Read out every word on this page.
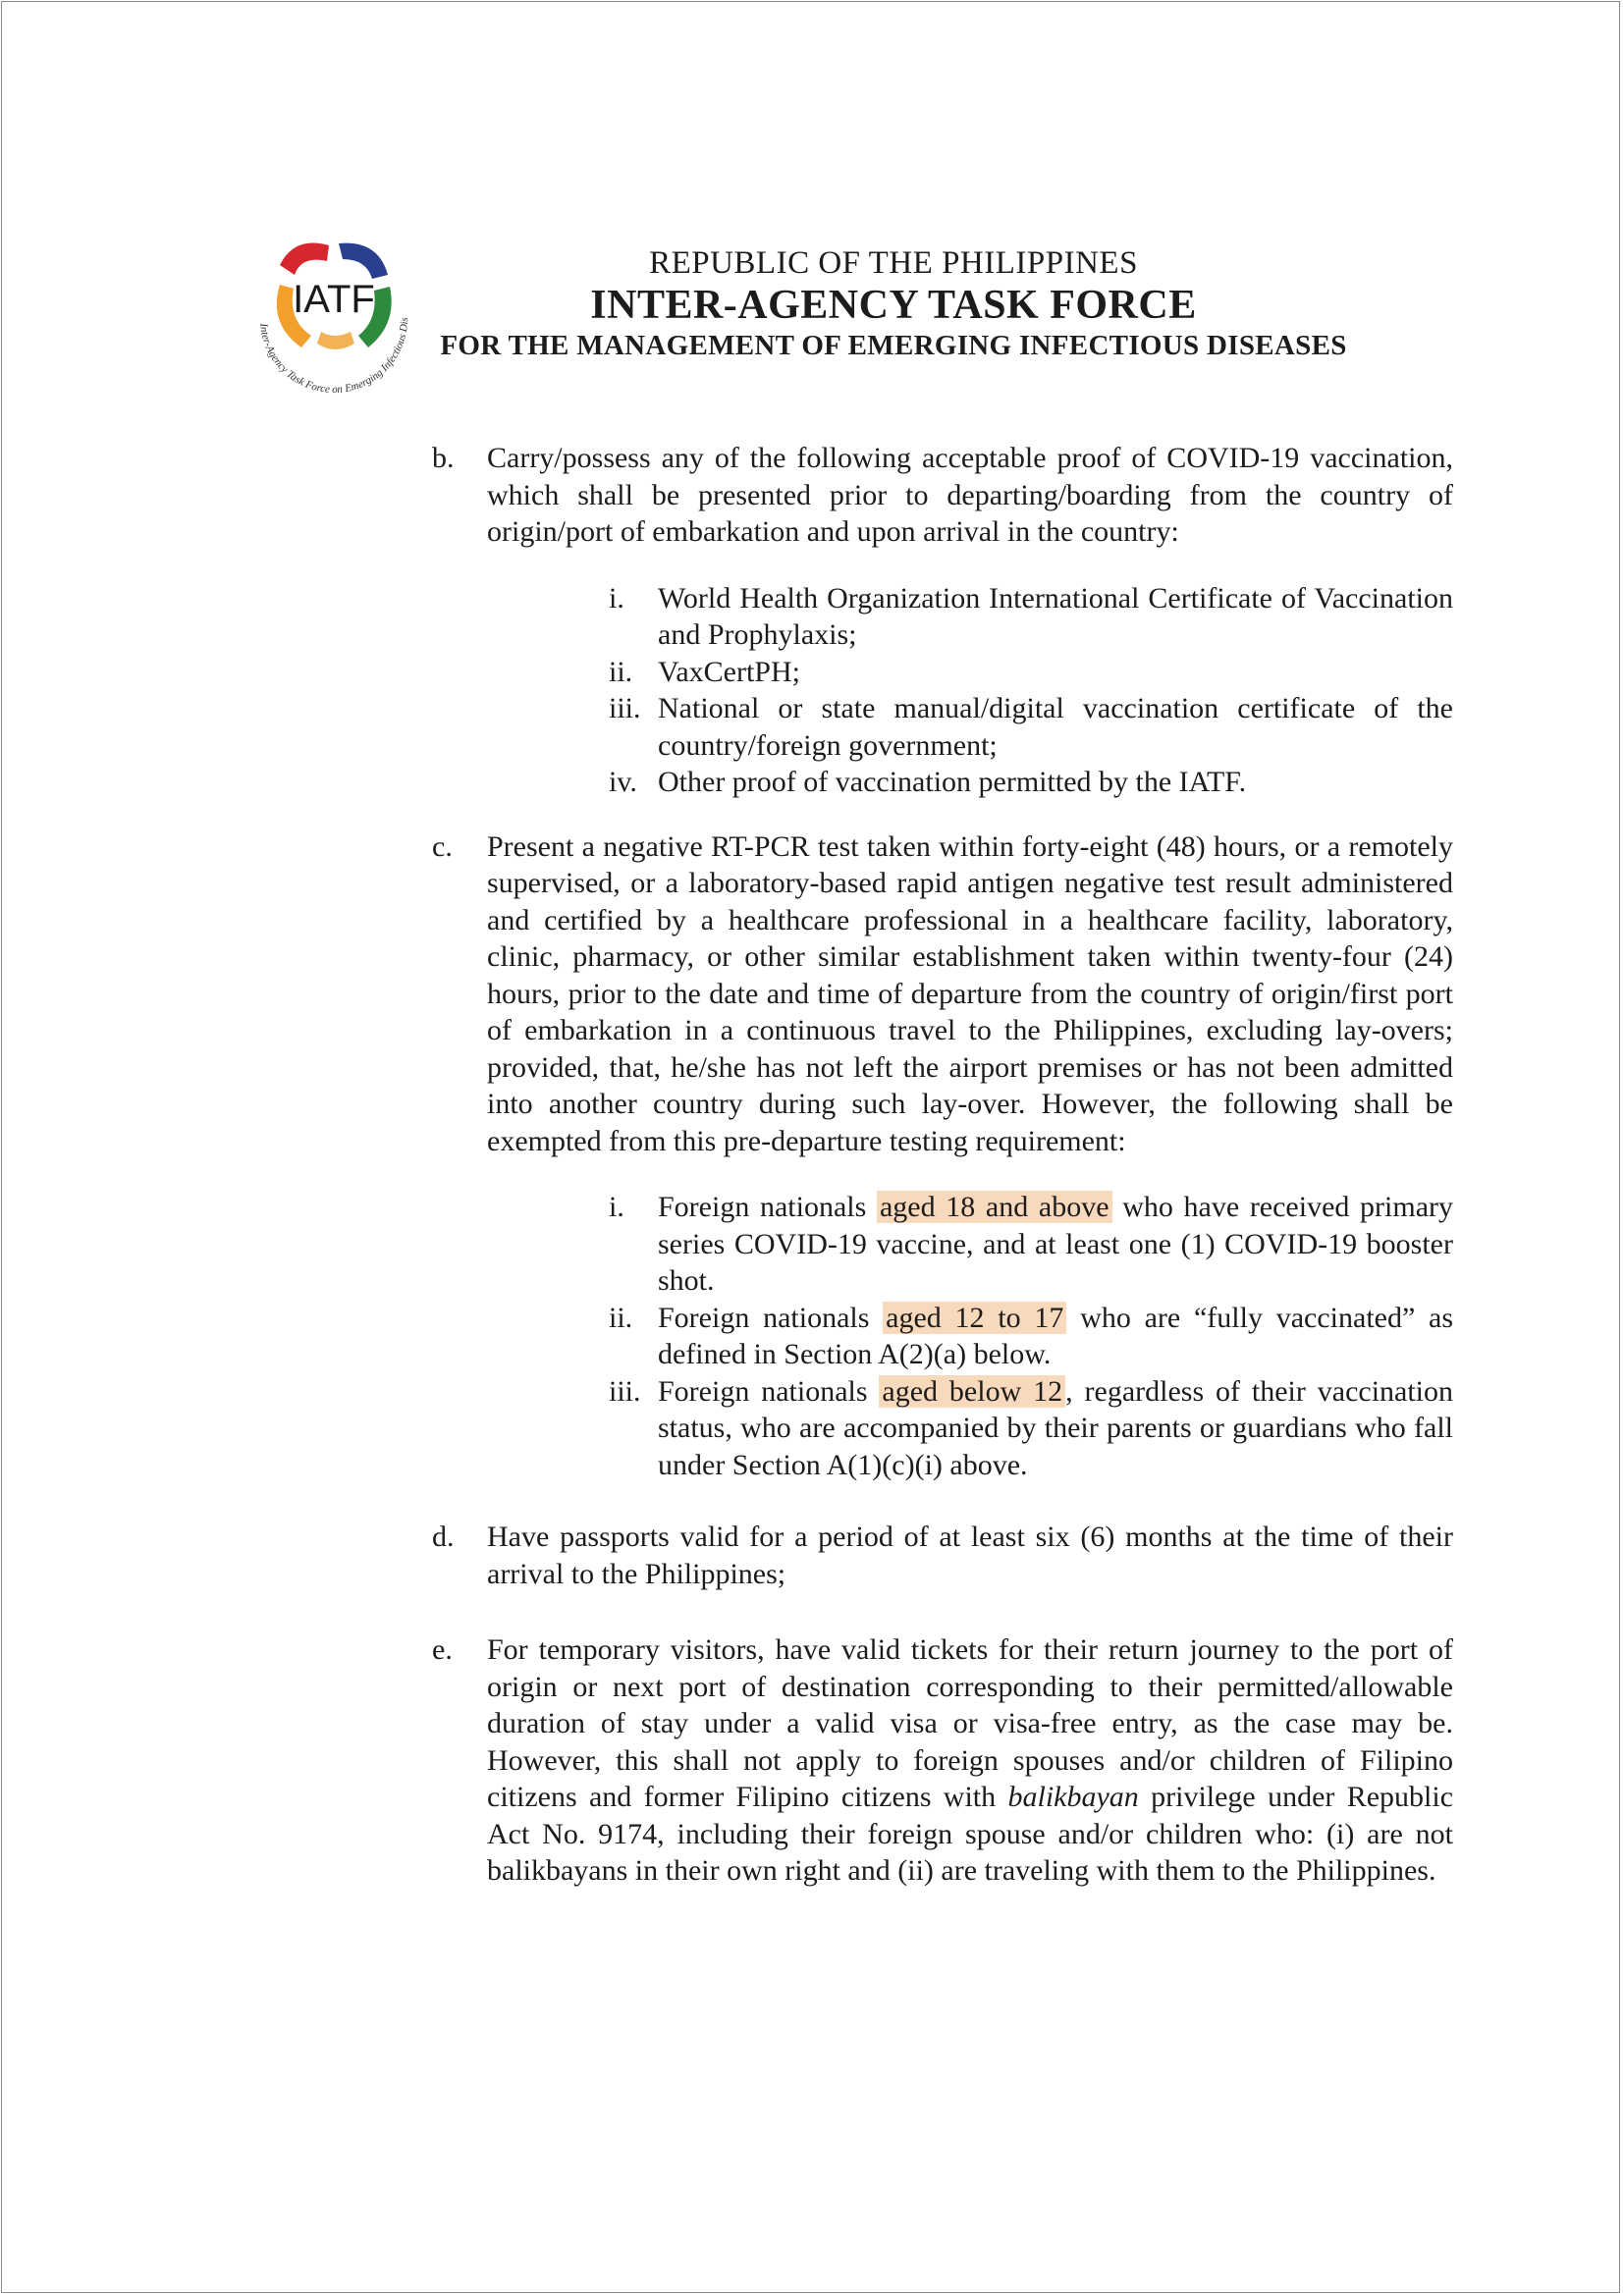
IATF
Inter-Agency Task Force on Emerging Infectious Dis
REPUBLIC OF THE PHILIPPINES
INTER-AGENCY TASK FORCE
FOR THE MANAGEMENT OF EMERGING INFECTIOUS DISEASES
b. Carry/possess any of the following acceptable proof of COVID-19 vaccination, which shall be presented prior to departing/boarding from the country of origin/port of embarkation and upon arrival in the country:
i. World Health Organization International Certificate of Vaccination and Prophylaxis;
ii. VaxCertPH;
iii. National or state manual/digital vaccination certificate of the country/foreign government;
iv. Other proof of vaccination permitted by the IATF.
c. Present a negative RT-PCR test taken within forty-eight (48) hours, or a remotely supervised, or a laboratory-based rapid antigen negative test result administered and certified by a healthcare professional in a healthcare facility, laboratory, clinic, pharmacy, or other similar establishment taken within twenty-four (24) hours, prior to the date and time of departure from the country of origin/first port of embarkation in a continuous travel to the Philippines, excluding lay-overs; provided, that, he/she has not left the airport premises or has not been admitted into another country during such lay-over. However, the following shall be exempted from this pre-departure testing requirement:
i. Foreign nationals aged 18 and above who have received primary series COVID-19 vaccine, and at least one (1) COVID-19 booster shot.
ii. Foreign nationals aged 12 to 17 who are “fully vaccinated” as defined in Section A(2)(a) below.
iii. Foreign nationals aged below 12 , regardless of their vaccination status, who are accompanied by their parents or guardians who fall under Section A(1)(c)(i) above.
d. Have passports valid for a period of at least six (6) months at the time of their arrival to the Philippines;
e. For temporary visitors, have valid tickets for their return journey to the port of origin or next port of destination corresponding to their permitted/allowable duration of stay under a valid visa or visa-free entry, as the case may be. However, this shall not apply to foreign spouses and/or children of Filipino citizens and former Filipino citizens with balikbayan privilege under Republic Act No. 9174, including their foreign spouse and/or children who: (i) are not balikbayans in their own right and (ii) are traveling with them to the Philippines.
